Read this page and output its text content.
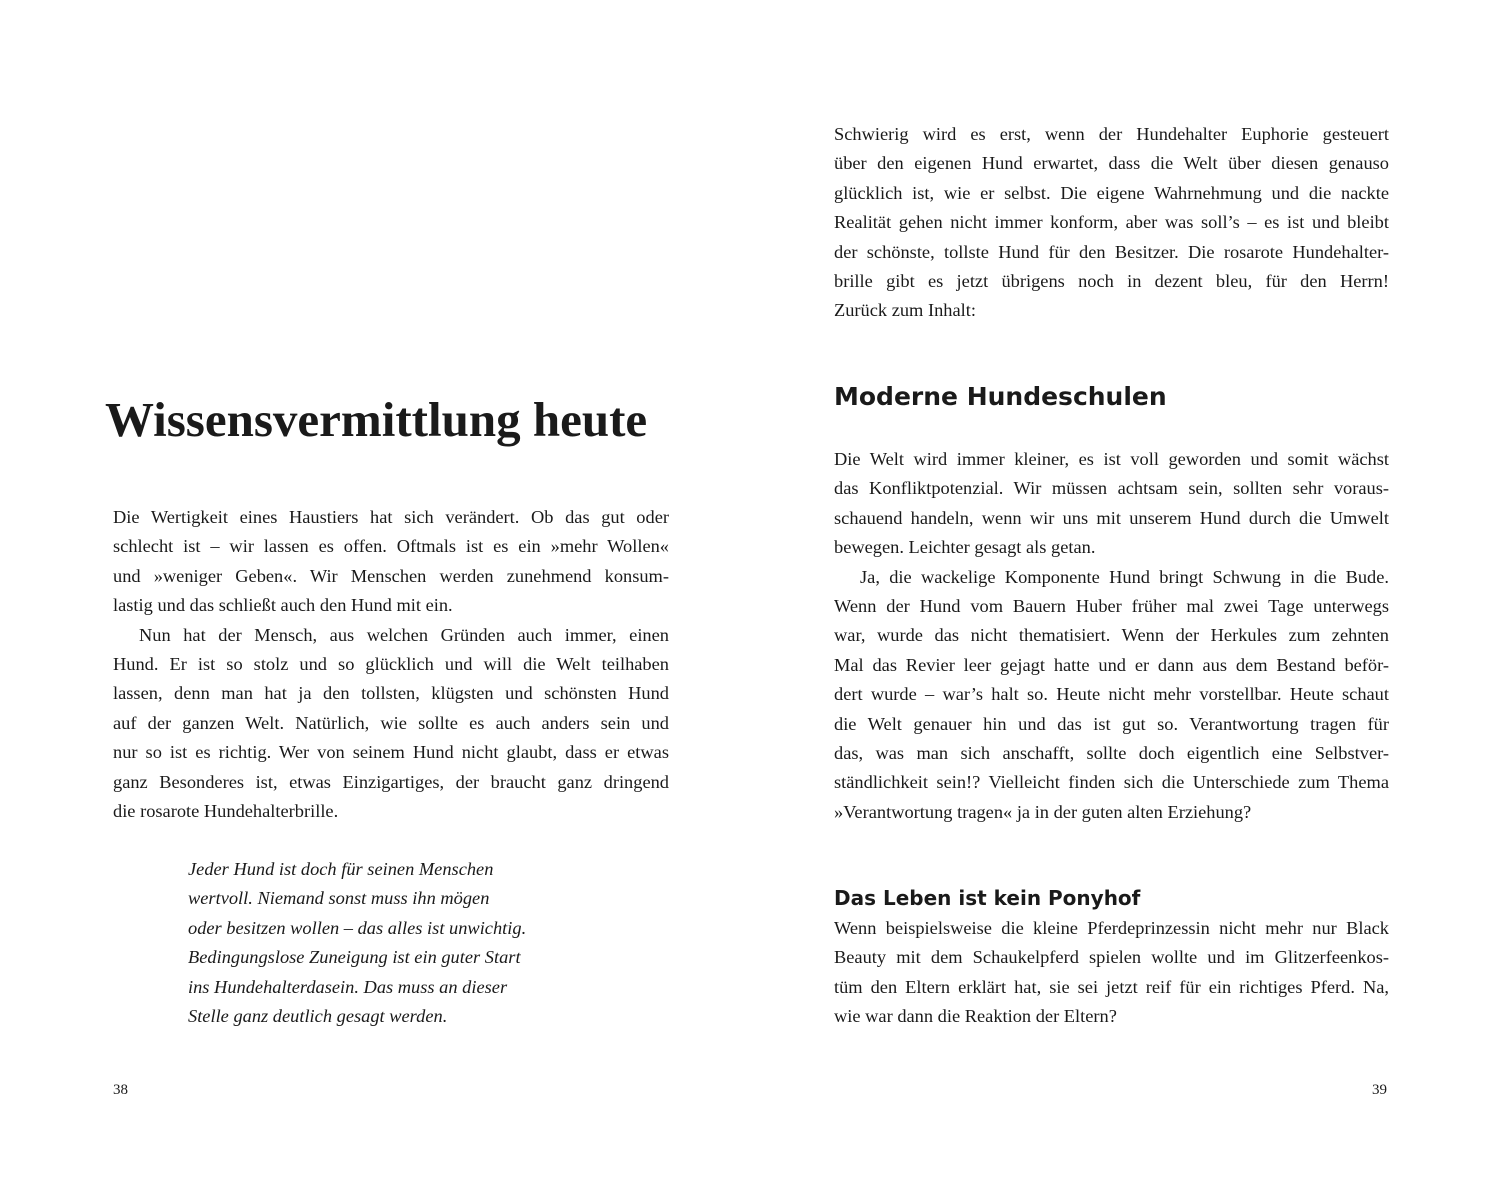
Wissensvermittlung heute
Die Wertigkeit eines Haustiers hat sich verändert. Ob das gut oder
schlecht ist – wir lassen es offen. Oftmals ist es ein »mehr Wollen«
und »weniger Geben«. Wir Menschen werden zunehmend konsum-
lastig und das schließt auch den Hund mit ein.
Nun hat der Mensch, aus welchen Gründen auch immer, einen
Hund. Er ist so stolz und so glücklich und will die Welt teilhaben
lassen, denn man hat ja den tollsten, klügsten und schönsten Hund
auf der ganzen Welt. Natürlich, wie sollte es auch anders sein und
nur so ist es richtig. Wer von seinem Hund nicht glaubt, dass er etwas
ganz Besonderes ist, etwas Einzigartiges, der braucht ganz dringend
die rosarote Hundehalterbrille.
Jeder Hund ist doch für seinen Menschen
wertvoll. Niemand sonst muss ihn mögen
oder besitzen wollen – das alles ist unwichtig.
Bedingungslose Zuneigung ist ein guter Start
ins Hundehalterdasein. Das muss an dieser
Stelle ganz deutlich gesagt werden.
38
Schwierig wird es erst, wenn der Hundehalter Euphorie gesteuert
über den eigenen Hund erwartet, dass die Welt über diesen genauso
glücklich ist, wie er selbst. Die eigene Wahrnehmung und die nackte
Realität gehen nicht immer konform, aber was soll’s – es ist und bleibt
der schönste, tollste Hund für den Besitzer. Die rosarote Hundehalter-
brille gibt es jetzt übrigens noch in dezent bleu, für den Herrn!
Zurück zum Inhalt:
Moderne Hundeschulen
Die Welt wird immer kleiner, es ist voll geworden und somit wächst
das Konfliktpotenzial. Wir müssen achtsam sein, sollten sehr voraus-
schauend handeln, wenn wir uns mit unserem Hund durch die Umwelt
bewegen. Leichter gesagt als getan.
Ja, die wackelige Komponente Hund bringt Schwung in die Bude.
Wenn der Hund vom Bauern Huber früher mal zwei Tage unterwegs
war, wurde das nicht thematisiert. Wenn der Herkules zum zehnten
Mal das Revier leer gejagt hatte und er dann aus dem Bestand beför-
dert wurde – war’s halt so. Heute nicht mehr vorstellbar. Heute schaut
die Welt genauer hin und das ist gut so. Verantwortung tragen für
das, was man sich anschafft, sollte doch eigentlich eine Selbstver-
ständlichkeit sein!? Vielleicht finden sich die Unterschiede zum Thema
»Verantwortung tragen« ja in der guten alten Erziehung?
Das Leben ist kein Ponyhof
Wenn beispielsweise die kleine Pferdeprinzessin nicht mehr nur Black
Beauty mit dem Schaukelpferd spielen wollte und im Glitzerfeenkos-
tüm den Eltern erklärt hat, sie sei jetzt reif für ein richtiges Pferd. Na,
wie war dann die Reaktion der Eltern?
39
